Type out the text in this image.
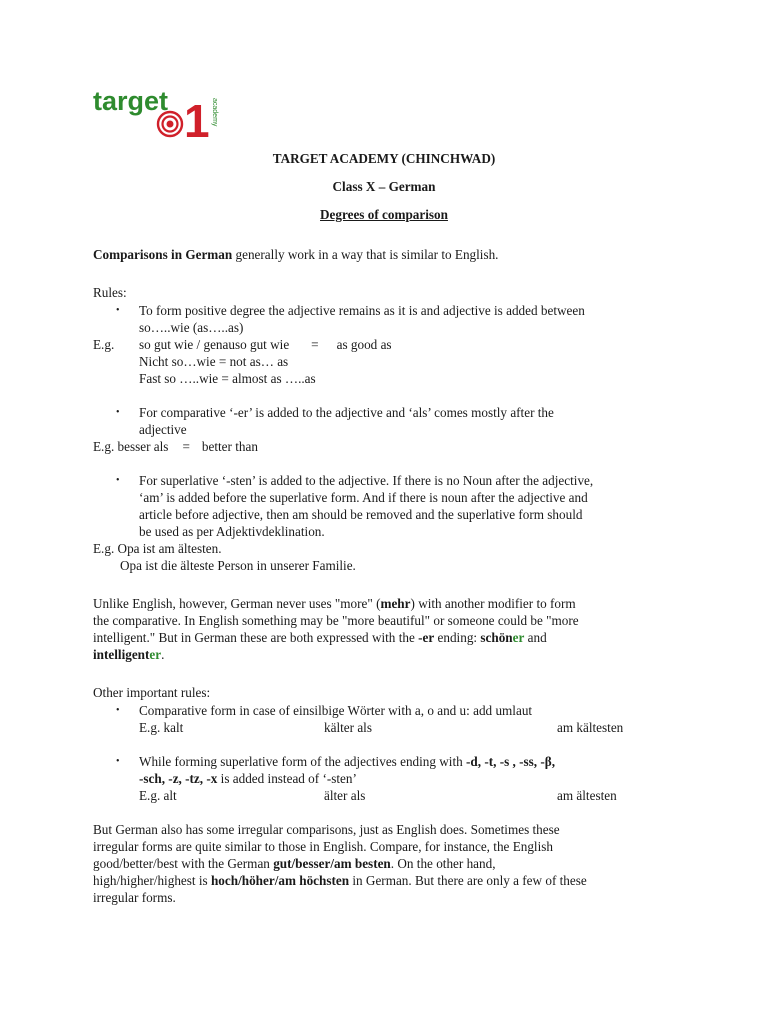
target 1 academy
TARGET ACADEMY (CHINCHWAD)
Class X – German
Degrees of comparison
Comparisons in German generally work in a way that is similar to English.
Rules:
• To form positive degree the adjective remains as it is and adjective is added between
so…..wie (as…..as)
E.g. so gut wie / genauso gut wie = as good as
Nicht so…wie = not as… as
Fast so …..wie = almost as …..as
• For comparative ‘-er’ is added to the adjective and ‘als’ comes mostly after the
adjective
E.g. besser als = better than
• For superlative ‘-sten’ is added to the adjective. If there is no Noun after the adjective,
‘am’ is added before the superlative form. And if there is noun after the adjective and
article before adjective, then am should be removed and the superlative form should
be used as per Adjektivdeklination.
E.g. Opa ist am ältesten.
Opa ist die älteste Person in unserer Familie.
Unlike English, however, German never uses "more" (mehr) with another modifier to form
the comparative. In English something may be "more beautiful" or someone could be "more
intelligent." But in German these are both expressed with the -er ending: schöner and
intelligenter.
Other important rules:
• Comparative form in case of einsilbige Wörter with a, o and u: add umlaut
E.g. kalt	kälter als	am kältesten
• While forming superlative form of the adjectives ending with -d, -t, -s , -ss, -β,
-sch, -z, -tz, -x is added instead of ‘-sten’
E.g. alt	älter als	am ältesten
But German also has some irregular comparisons, just as English does. Sometimes these
irregular forms are quite similar to those in English. Compare, for instance, the English
good/better/best with the German gut/besser/am besten. On the other hand,
high/higher/highest is hoch/höher/am höchsten in German. But there are only a few of these
irregular forms.
